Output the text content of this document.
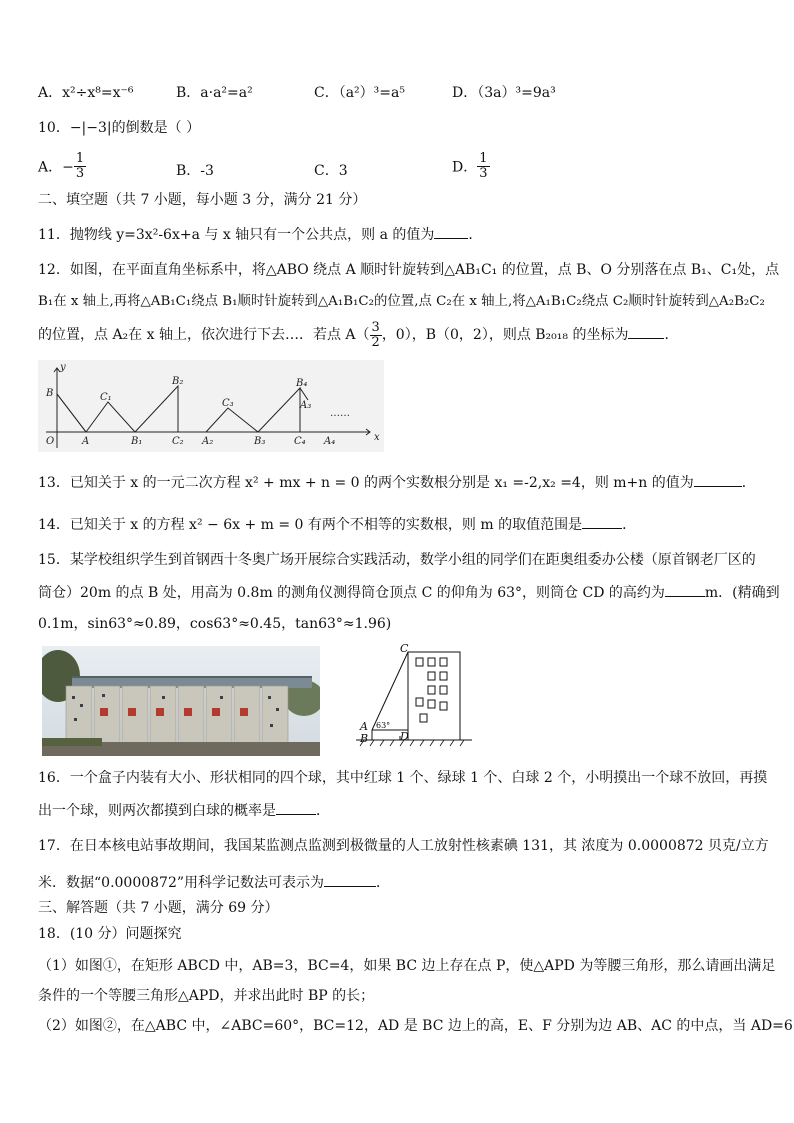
A．x²÷x⁸=x⁻⁶	B．a·a²=a²	C．（a²）³=a⁵	D．（3a）³=9a³
10．−|−3|的倒数是（ ）
A．− $\frac{1}{3}$	B．-3	C．3	D． $\frac{1}{3}$
二、填空题（共 7 小题，每小题 3 分，满分 21 分）
11．抛物线 y=3x²-6x+a 与 x 轴只有一个公共点，则 a 的值为 ．
12．如图，在平面直角坐标系中，将△ABO 绕点 A 顺时针旋转到△AB₁C₁ 的位置，点 B、O 分别落在点 B₁、C₁处，点
B₁在 x 轴上,再将△AB₁C₁绕点 B₁顺时针旋转到△A₁B₁C₂的位置,点 C₂在 x 轴上,将△A₁B₁C₂绕点 C₂顺时针旋转到△A₂B₂C₂
的位置，点 A₂在 x 轴上，依次进行下去…．若点 $A( \frac{3}{2}$ ，0），B（0，2），则点 B₂₀₁₈ 的坐标为	．
y
x
O
B
A
C₁
B₁
B₂
C₂ A₂
C₃
B₃
B₄
A₃
C₄ A₄
……
13．已知关于 x 的一元二次方程 x² + mx + n = 0 的两个实数根分别是 x₁ =-2,x₂ =4，则 m+n 的值为	．
14．已知关于 x 的方程 x² − 6x + m = 0 有两个不相等的实数根，则 m 的取值范围是	．
15．某学校组织学生到首钢西十冬奥广场开展综合实践活动，数学小组的同学们在距奥组委办公楼（原首钢老厂区的
筒仓）20m 的点 B 处，用高为 0.8m 的测角仪测得筒仓顶点 C 的仰角为 63°，则筒仓 CD 的高约为	m．(精确到
0.1m，sin63°≈0.89，cos63°≈0.45，tan63°≈1.96)
C
A
B	D
63°
16．一个盒子内装有大小、形状相同的四个球，其中红球 1 个、绿球 1 个、白球 2 个，小明摸出一个球不放回，再摸
出一个球，则两次都摸到白球的概率是	．
17．在日本核电站事故期间，我国某监测点监测到极微量的人工放射性核素碘 131，其 浓度为 0.0000872 贝克/立方
米．数据“0.0000872”用科学记数法可表示为	．
三、解答题（共 7 小题，满分 69 分）
18．(10 分）问题探究
（1）如图①，在矩形 ABCD 中，AB=3，BC=4，如果 BC 边上存在点 P，使△APD 为等腰三角形，那么请画出满足
条件的一个等腰三角形△APD，并求出此时 BP 的长；
（2）如图②，在△ABC 中，∠ABC=60°，BC=12，AD 是 BC 边上的高，E、F 分别为边 AB、AC 的中点，当 AD=6
